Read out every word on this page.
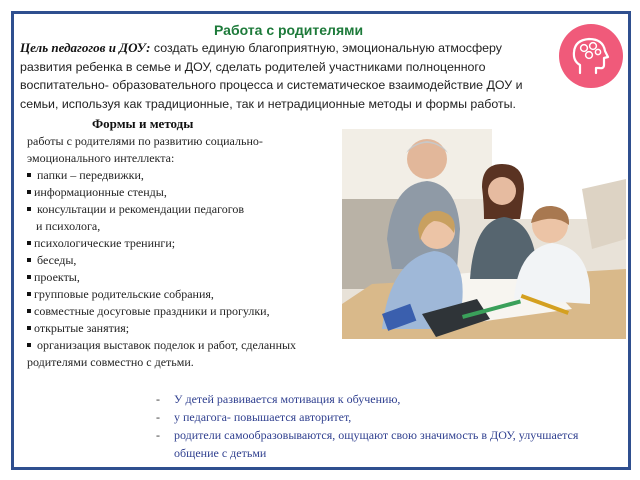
Работа с родителями
Цель педагогов и ДОУ: создать единую благоприятную, эмоциональную атмосферу
развития ребенка в семье и ДОУ, сделать родителей участниками полноценного
воспитательно- образовательного процесса и систематическое взаимодействие ДОУ и
семьи, используя как традиционные, так и нетрадиционные методы и формы работы.
Формы и методы
работы с родителями по развитию социально-
эмоционального интеллекта:
папки – передвижки,
информационные стенды,
консультации и рекомендации педагогов
и психолога,
психологические тренинги;
беседы,
проекты,
групповые родительские собрания,
совместные досуговые праздники и прогулки,
открытые занятия;
организация выставок поделок и работ, сделанных
родителями совместно с детьми.
- У детей развивается мотивация к обучению,
- у педагога- повышается авторитет,
- родители самообразовываются, ощущают свою значимость в ДОУ, улучшается
общение с детьми
